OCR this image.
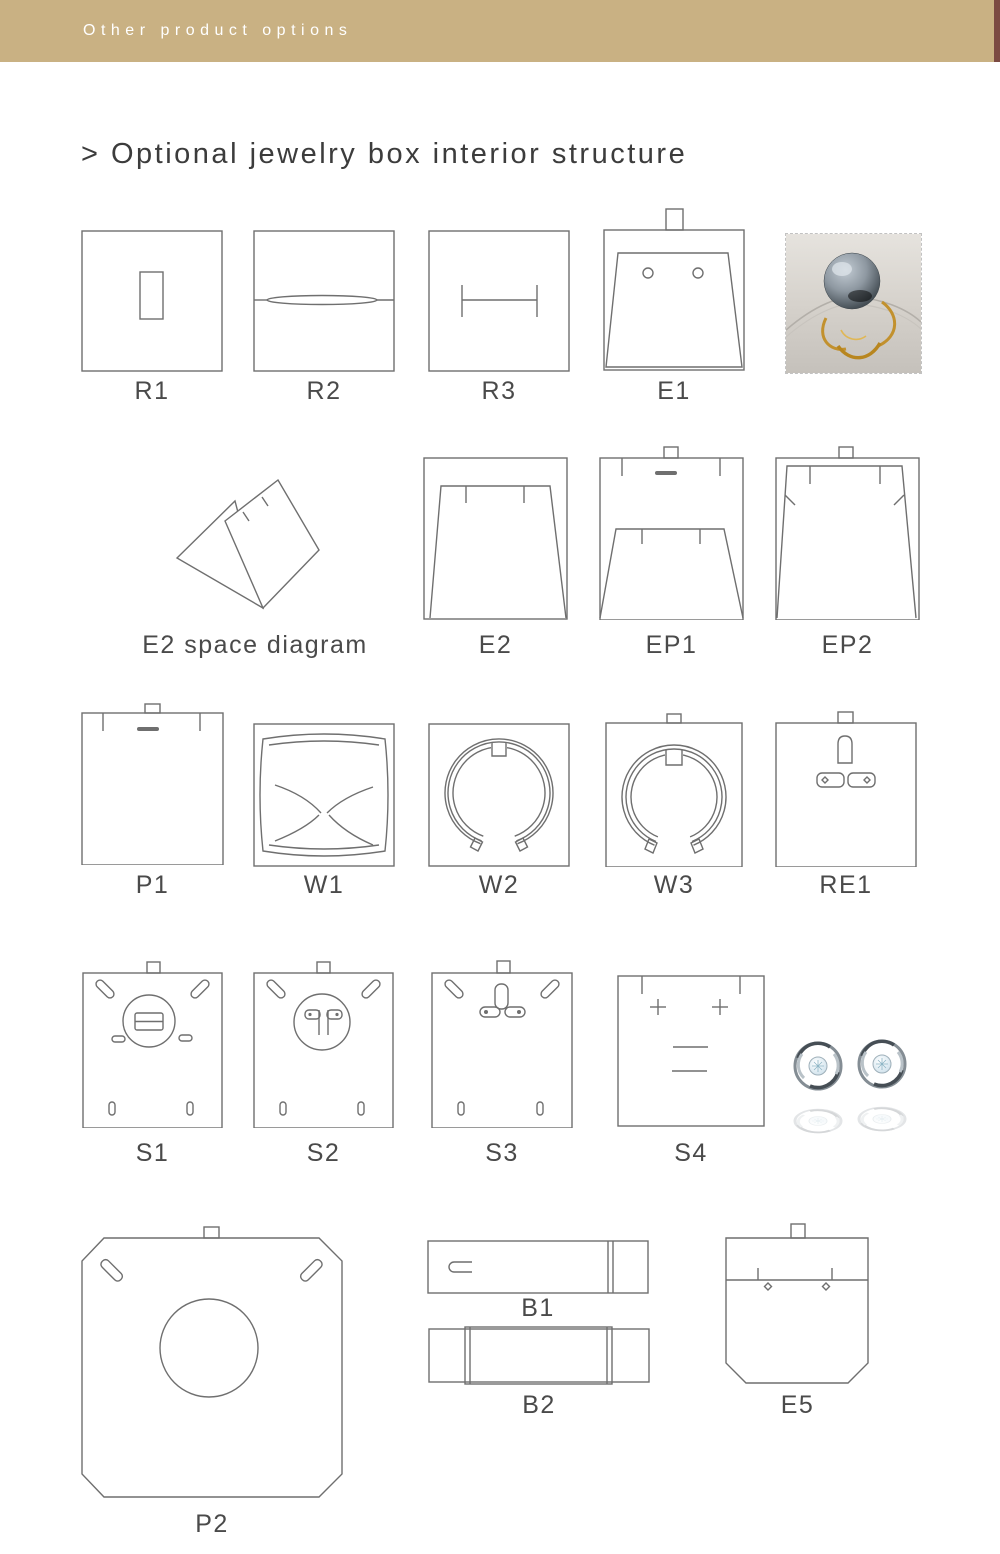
Other product options
> Optional jewelry box interior structure
R1	R2	R3	E1
E2 space diagram	E2	EP1	EP2
P1	W1	W2	W3	RE1
S1	S2	S3	S4
B1
B2	E5
P2
